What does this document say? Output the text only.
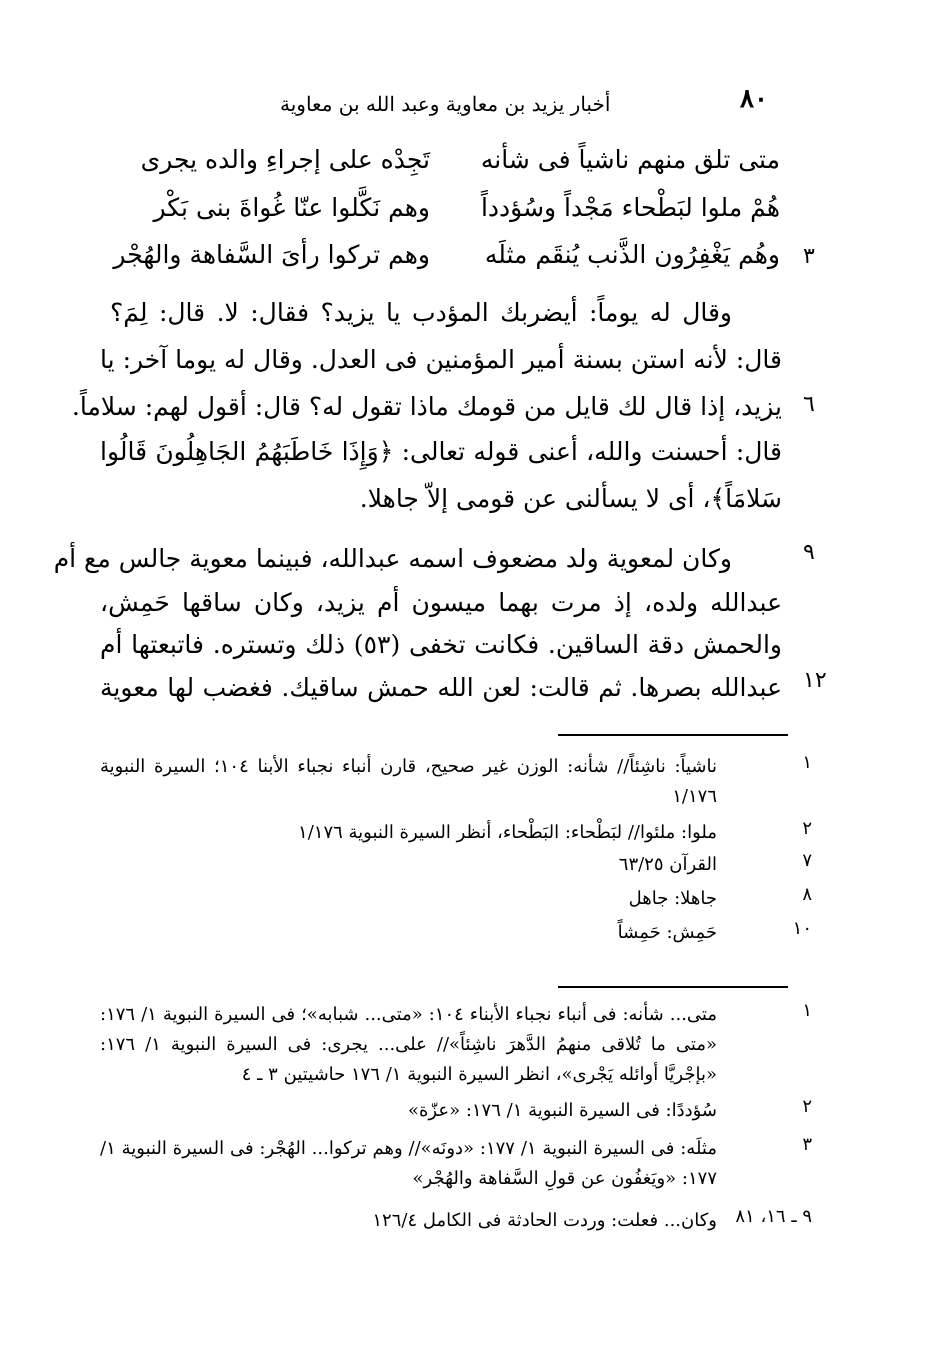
٨٠
أخبار يزيد بن معاوية وعبد الله بن معاوية
متى تلق منهم ناشياً فى شأنه
تَجِدْه على إجراءِ والده يجرى
هُمْ ملوا لبَطْحاء مَجْداً وسُؤدداً
وهم نَكَّلوا عنّا غُواةَ بنى بَكْر
وهُم يَغْفِرُون الذَّنب يُنقَم مثلَه
وهم تركوا رأىَ السَّفاهة والهُجْر	٣
وقال له يوماً: أيضربك المؤدب يا يزيد؟ فقال: لا. قال: لِمَ؟
قال: لأنه استن بسنة أمير المؤمنين فى العدل. وقال له يوما آخر: يا
يزيد، إذا قال لك قايل من قومك ماذا تقول له؟ قال: أقول لهم: سلاماً. ٦
قال: أحسنت والله، أعنى قوله تعالى: ﴿وَإِذَا خَاطَبَهُمُ الجَاهِلُونَ قَالُوا
سَلامَاً﴾، أى لا يسألنى عن قومى إلاّ جاهلا.
وكان لمعوية ولد مضعوف اسمه عبدالله، فبينما معوية جالس مع أم	٩
عبدالله ولده، إذ مرت بهما ميسون أم يزيد، وكان ساقها حَمِش،
والحمش دقة الساقين. فكانت تخفى (٥٣) ذلك وتستره. فاتبعتها أم
عبدالله بصرها. ثم قالت: لعن الله حمش ساقيك. فغضب لها معوية ١٢
١
ناشياً: ناشِئاً// شأنه: الوزن غير صحيح، قارن أنباء نجباء الأبنا ١٠٤؛ السيرة النبوية ١/١٧٦
٢
ملوا: ملئوا// لبَطْحاء: البَطْحاء، أنظر السيرة النبوية ١/١٧٦
٧
القرآن ٦٣/٢٥
٨
جاهلا: جاهل
١٠
حَمِش: حَمِشاً
١
متى... شأنه: فى أنباء نجباء الأبناء ١٠٤: «متى... شبابه»؛ فى السيرة النبوية ١/ ١٧٦: «متى ما تُلاقى منهمُ الدَّهرَ ناشِئاً»// على... يجرى: فى السيرة النبوية ١/ ١٧٦: «بإجْريَّا أوائله يَجْرى»، انظر السيرة النبوية ١/ ١٧٦ حاشيتين ٣ ـ ٤
٢
سُؤددًا: فى السيرة النبوية ١/ ١٧٦: «عزّة»
٣
مثلَه: فى السيرة النبوية ١/ ١٧٧: «دونَه»// وهم تركوا... الهُجْر: فى السيرة النبوية ١/ ١٧٧: «ويَغفُون عن قولِ السَّفاهة والهُجْر»
٩ ـ ١٦، ٨١
وكان... فعلت: وردت الحادثة فى الكامل ١٢٦/٤
